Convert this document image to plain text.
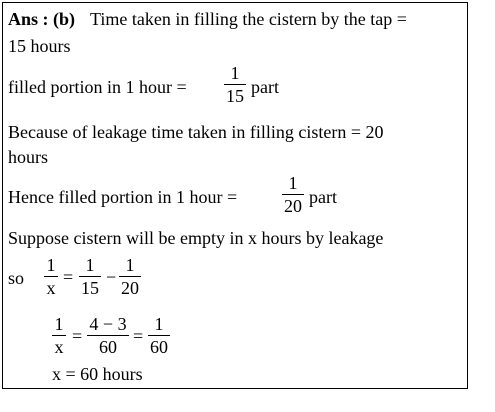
Ans : (b) Time taken in filling the cistern by the tap =
15 hours
filled portion in 1 hour =
1
15 part
Because of leakage time taken in filling cistern = 20
hours
Hence filled portion in 1 hour =
1
20 part
Suppose cistern will be empty in x hours by leakage
so
1
x
=
1
15
−
1
20
1
x
=
4 − 3
60
=
1
60
x = 60 hours
